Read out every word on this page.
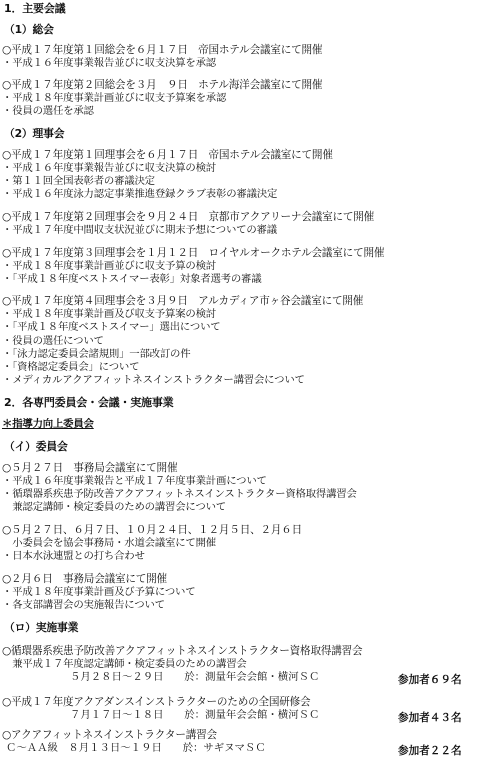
1．主要会議
（1）総会
○平成１７年度第１回総会を６月１７日　帝国ホテル会議室にて開催
・平成１６年度事業報告並びに収支決算を承認
○平成１７年度第２回総会を３月　９日　ホテル海洋会議室にて開催
・平成１８年度事業計画並びに収支予算案を承認
・役員の選任を承認
（2）理事会
○平成１７年度第１回理事会を６月１７日　帝国ホテル会議室にて開催
・平成１６年度事業報告並びに収支決算の検討
・第１１回全国表彰者の審議決定
・平成１６年度泳力認定事業推進登録クラブ表彰の審議決定
○平成１７年度第２回理事会を９月２４日　京都市アクアリーナ会議室にて開催
・平成１７年度中間収支状況並びに期末予想についての審議
○平成１７年度第３回理事会を１月１２日　ロイヤルオークホテル会議室にて開催
・平成１８年度事業計画並びに収支予算の検討
・「平成１８年度ベストスイマー表彰」対象者選考の審議
○平成１７年度第４回理事会を３月９日　アルカディア市ヶ谷会議室にて開催
・平成１８年度事業計画及び収支予算案の検討
・「平成１８年度ベストスイマー」選出について
・役員の選任について
・「泳力認定委員会諸規則」一部改訂の件
・「資格認定委員会」について
・メディカルアクアフィットネスインストラクター講習会について
2．各専門委員会・会議・実施事業
＊指導力向上委員会
（イ）委員会
○５月２７日　事務局会議室にて開催
・平成１６年度事業報告と平成１７年度事業計画について
・循環器系疾患予防改善アクアフィットネスインストラクター資格取得講習会
　兼認定講師・検定委員のための講習会について
○５月２７日、６月７日、１０月２４日、１２月５日、２月６日
　小委員会を協会事務局・水道会議室にて開催
・日本水泳連盟との打ち合わせ
○２月６日　事務局会議室にて開催
・平成１８年度事業計画及び予算について
・各支部講習会の実施報告について
（ロ）実施事業
○循環器系疾患予防改善アクアフィットネスインストラクター資格取得講習会
　兼平成１７年度認定講師・検定委員のための講習会
５月２８日〜２９日　　於：測量年会会館・横河ＳＣ	参加者６９名
○平成１７年度アクアダンスインストラクターのための全国研修会
７月１７日〜１８日　　於：測量年会会館・横河ＳＣ	参加者４３名
○アクアフィットネスインストラクター講習会
Ｃ〜ＡＡ級　８月１３日〜１９日　　於：サギヌマＳＣ	参加者２２名
